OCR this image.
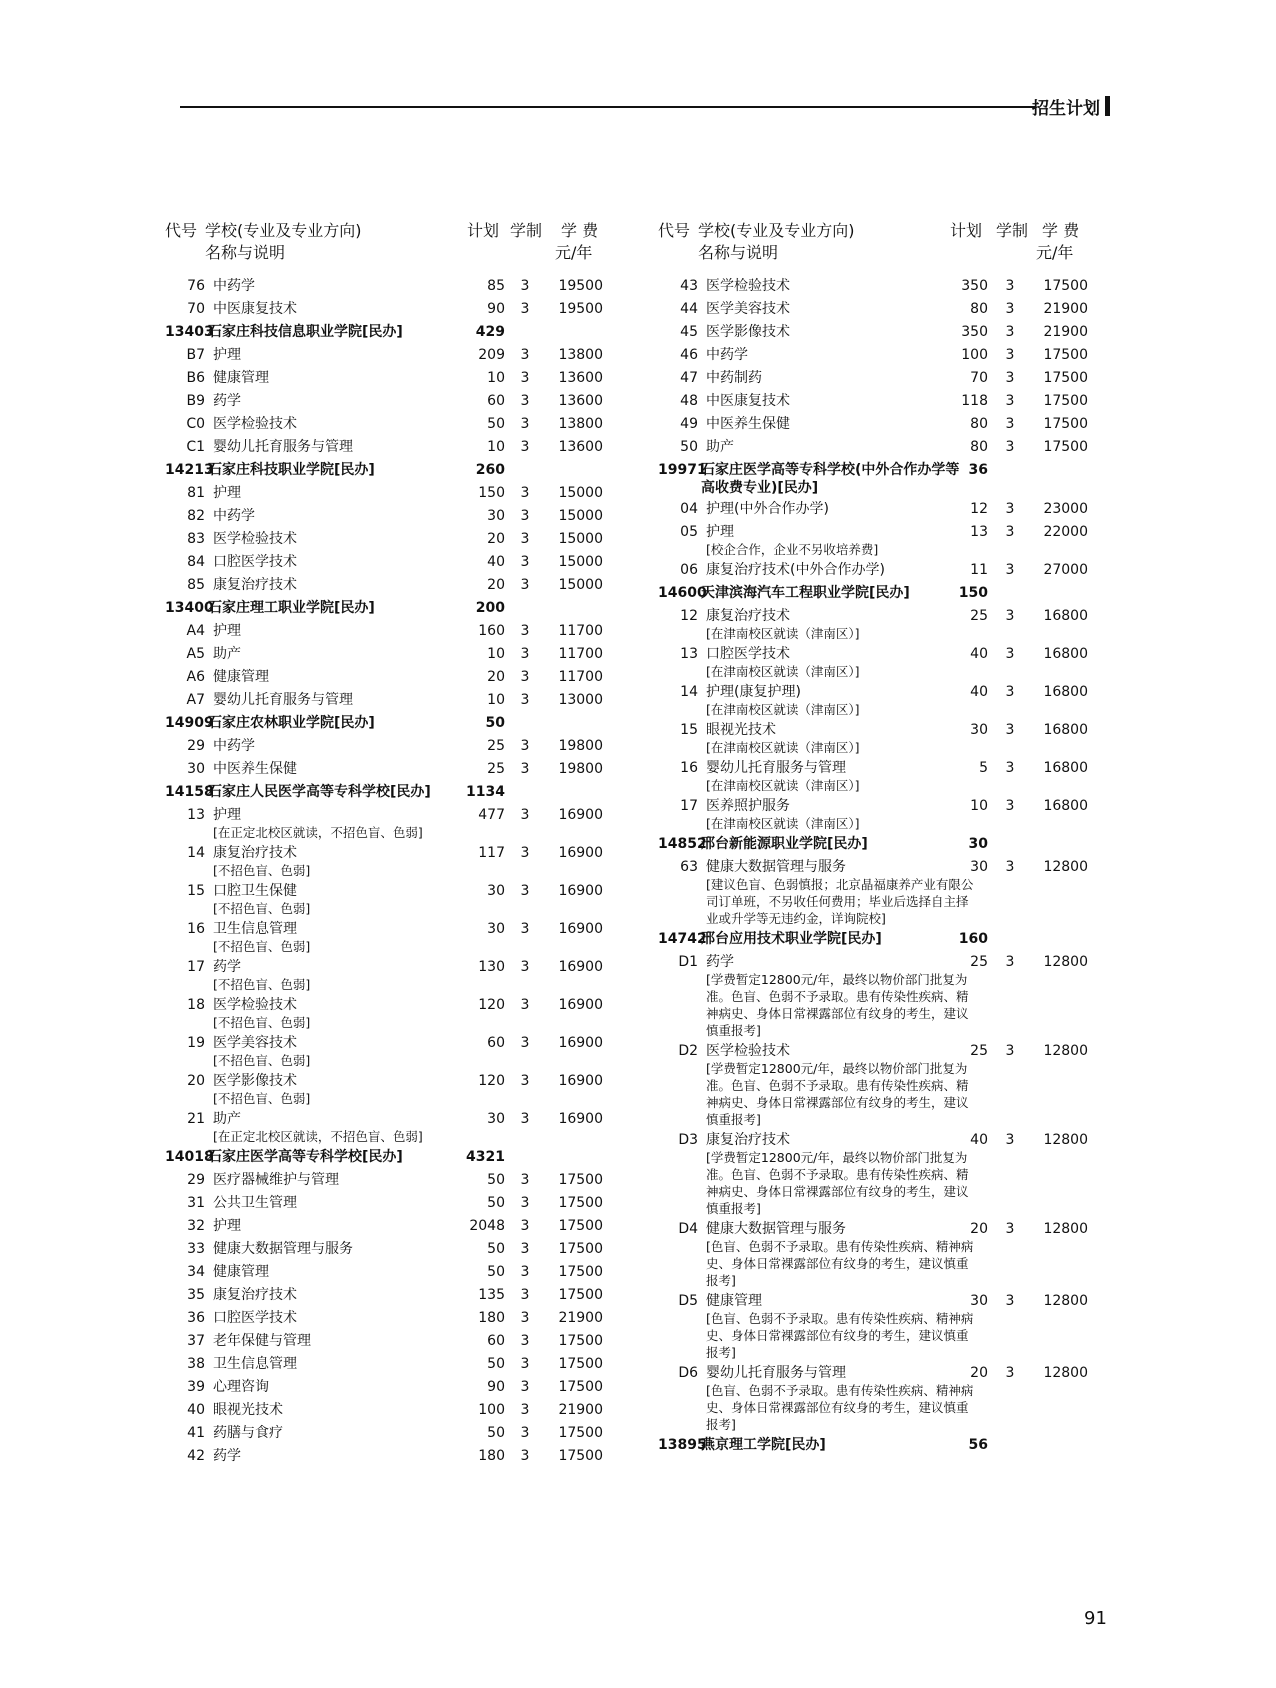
招生计划
代号 学校(专业及专业方向)
名称与说明
计划 学制 学 费
元/年
76 中药学	85	3	19500
70 中医康复技术	90	3	19500
13403
石家庄科技信息职业学院[民办]	429
B7 护理	209	3	13800
B6 健康管理	10	3	13600
B9 药学	60	3	13600
C0 医学检验技术	50	3	13800
C1 婴幼儿托育服务与管理	10	3	13600
14213
石家庄科技职业学院[民办]	260
81 护理	150	3	15000
82 中药学	30	3	15000
83 医学检验技术	20	3	15000
84 口腔医学技术	40	3	15000
85 康复治疗技术	20	3	15000
13400
石家庄理工职业学院[民办]	200
A4 护理	160	3	11700
A5 助产	10	3	11700
A6 健康管理	20	3	11700
A7 婴幼儿托育服务与管理	10	3	13000
14909
石家庄农林职业学院[民办]	50
29 中药学	25	3	19800
30 中医养生保健	25	3	19800
14158
石家庄人民医学高等专科学校[民办]	1134
13 护理
[在正定北校区就读，不招色盲、色弱]
477	3	16900
14 康复治疗技术
[不招色盲、色弱]
117	3	16900
15 口腔卫生保健
[不招色盲、色弱]
30	3	16900
16 卫生信息管理
[不招色盲、色弱]
30	3	16900
17 药学
[不招色盲、色弱]
130	3	16900
18 医学检验技术
[不招色盲、色弱]
120	3	16900
19 医学美容技术
[不招色盲、色弱]
60	3	16900
20 医学影像技术
[不招色盲、色弱]
120	3	16900
21 助产
[在正定北校区就读，不招色盲、色弱]
30	3	16900
14018
石家庄医学高等专科学校[民办]	4321
29 医疗器械维护与管理	50	3	17500
31 公共卫生管理	50	3	17500
32 护理	2048	3	17500
33 健康大数据管理与服务	50	3	17500
34 健康管理	50	3	17500
35 康复治疗技术	135	3	17500
36 口腔医学技术	180	3	21900
37 老年保健与管理	60	3	17500
38 卫生信息管理	50	3	17500
39 心理咨询	90	3	17500
40 眼视光技术	100	3	21900
41 药膳与食疗	50	3	17500
42 药学	180	3	17500
代号 学校(专业及专业方向)
名称与说明
计划 学制 学 费
元/年
43 医学检验技术	350	3	17500
44 医学美容技术	80	3	21900
45 医学影像技术	350	3	21900
46 中药学	100	3	17500
47 中药制药	70	3	17500
48 中医康复技术	118	3	17500
49 中医养生保健	80	3	17500
50 助产	80	3	17500
19971
石家庄医学高等专科学校(中外合作办学等高收费专业)[民办]
36
04 护理(中外合作办学)	12	3	23000
05 护理
[校企合作，企业不另收培养费]
13	3	22000
06 康复治疗技术(中外合作办学)	11	3	27000
14600
天津滨海汽车工程职业学院[民办]	150
12 康复治疗技术
[在津南校区就读（津南区）]
25	3	16800
13 口腔医学技术
[在津南校区就读（津南区）]
40	3	16800
14 护理(康复护理)
[在津南校区就读（津南区）]
40	3	16800
15 眼视光技术
[在津南校区就读（津南区）]
30	3	16800
16 婴幼儿托育服务与管理
[在津南校区就读（津南区）]
5	3	16800
17 医养照护服务
[在津南校区就读（津南区）]
10	3	16800
14852
邢台新能源职业学院[民办]	30
63 健康大数据管理与服务
[建议色盲、色弱慎报；北京晶福康养产业有限公司订单班，不另收任何费用；毕业后选择自主择业或升学等无违约金，详询院校]
30	3	12800
14742
邢台应用技术职业学院[民办]	160
D1 药学
[学费暂定12800元/年，最终以物价部门批复为准。色盲、色弱不予录取。患有传染性疾病、精神病史、身体日常裸露部位有纹身的考生，建议慎重报考]
25	3	12800
D2 医学检验技术
[学费暂定12800元/年，最终以物价部门批复为准。色盲、色弱不予录取。患有传染性疾病、精神病史、身体日常裸露部位有纹身的考生，建议慎重报考]
25	3	12800
D3 康复治疗技术
[学费暂定12800元/年，最终以物价部门批复为准。色盲、色弱不予录取。患有传染性疾病、精神病史、身体日常裸露部位有纹身的考生，建议慎重报考]
40	3	12800
D4 健康大数据管理与服务
[色盲、色弱不予录取。患有传染性疾病、精神病史、身体日常裸露部位有纹身的考生，建议慎重报考]
20	3	12800
D5 健康管理
[色盲、色弱不予录取。患有传染性疾病、精神病史、身体日常裸露部位有纹身的考生，建议慎重报考]
30	3	12800
D6 婴幼儿托育服务与管理
[色盲、色弱不予录取。患有传染性疾病、精神病史、身体日常裸露部位有纹身的考生，建议慎重报考]
20	3	12800
13895
燕京理工学院[民办]	56
91
